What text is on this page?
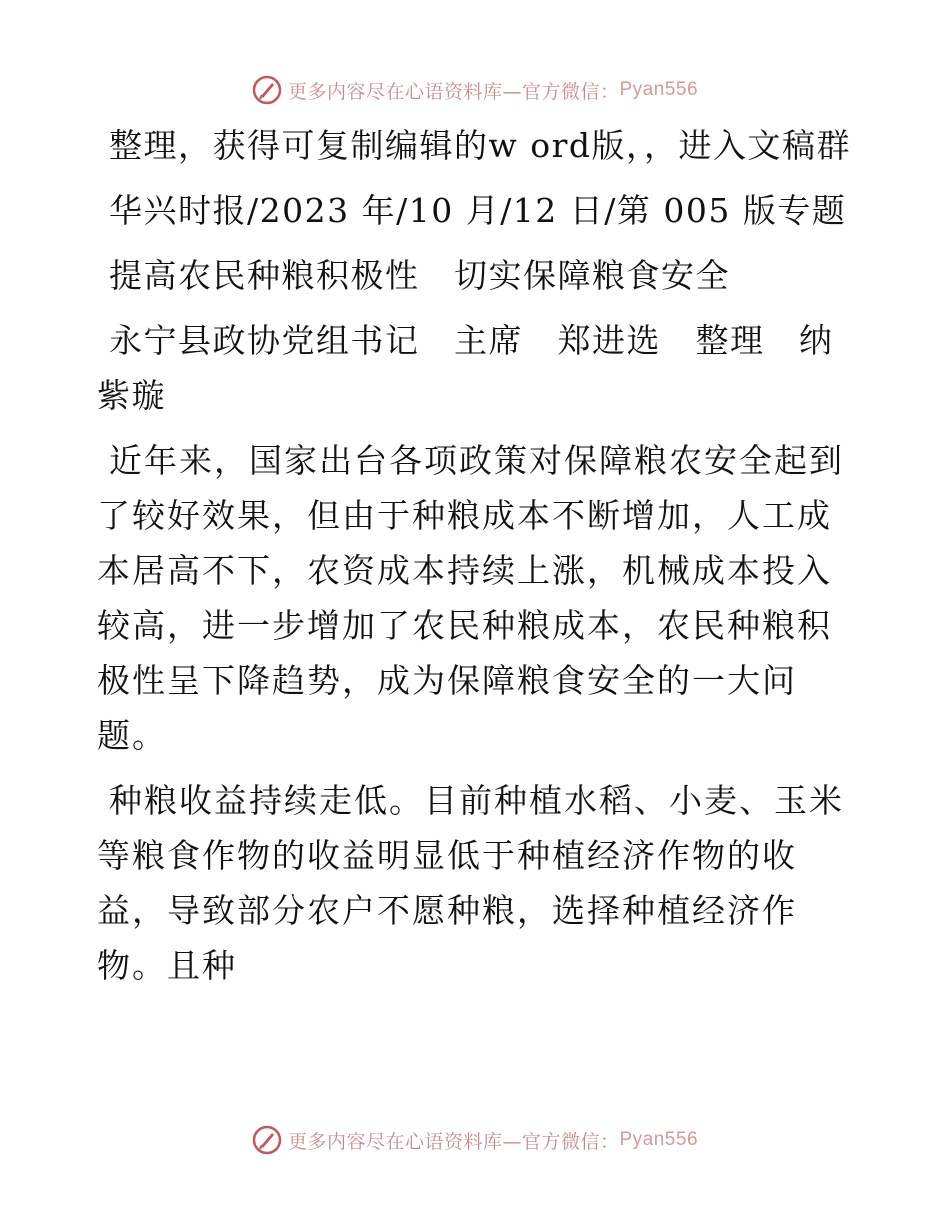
更多内容尽在心语资料库—官方微信： Pyan556

整理，获得可复制编辑的w ord版，，进入文稿群

华兴时报/2023 年/10 月/12 日/第 005 版专题

提高农民种粮积极性　切实保障粮食安全

永宁县政协党组书记　主席　郑进选　整理　纳紫璇

近年来，国家出台各项政策对保障粮农安全起到了较好效果，但由于种粮成本不断增加，人工成本居高不下，农资成本持续上涨，机械成本投入较高，进一步增加了农民种粮成本，农民种粮积极性呈下降趋势，成为保障粮食安全的一大问题。

种粮收益持续走低。目前种植水稻、小麦、玉米等粮食作物的收益明显低于种植经济作物的收益，导致部分农户不愿种粮，选择种植经济作物。且种

更多内容尽在心语资料库—官方微信： Pyan556
